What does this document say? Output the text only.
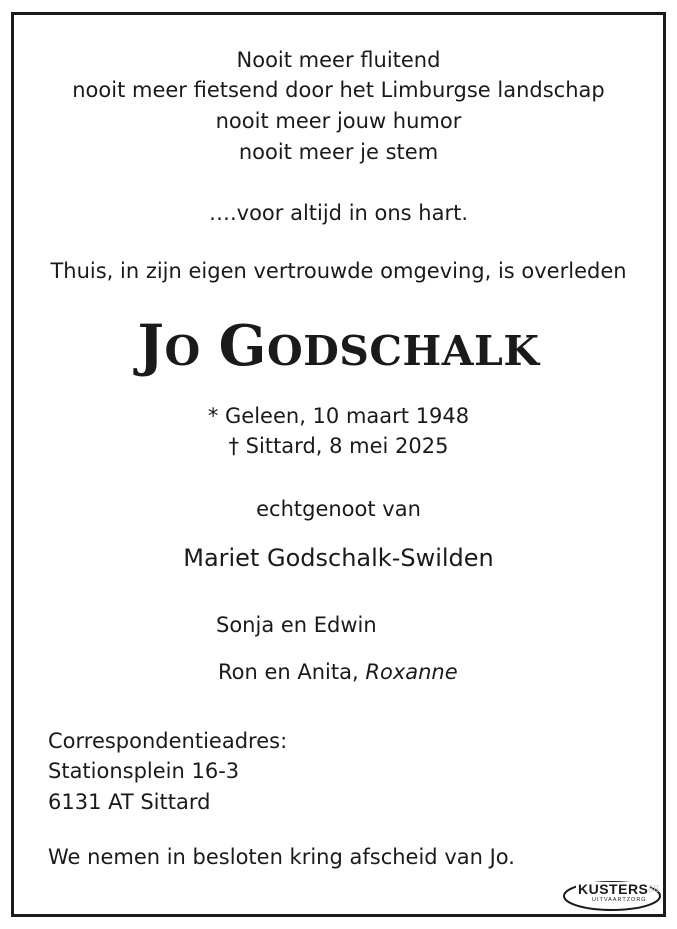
Nooit meer fluitend
nooit meer fietsend door het Limburgse landschap
nooit meer jouw humor
nooit meer je stem
….voor altijd in ons hart.
Thuis, in zijn eigen vertrouwde omgeving, is overleden
JO GODSCHALK
* Geleen, 10 maart 1948
† Sittard, 8 mei 2025
echtgenoot van
Mariet Godschalk-Swilden
Sonja en Edwin
Ron en Anita, Roxanne
Correspondentieadres:
Stationsplein 16-3
6131 AT Sittard
We nemen in besloten kring afscheid van Jo.
KUSTERS
UITVAARTZORG
88
